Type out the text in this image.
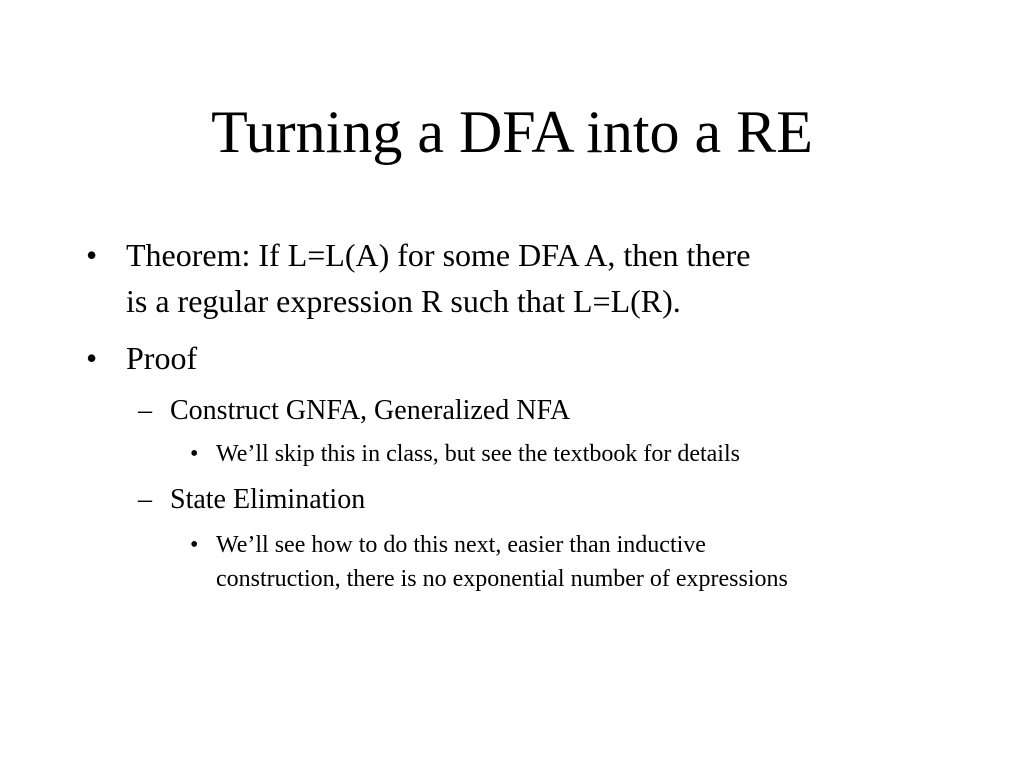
Turning a DFA into a RE
• Theorem: If L=L(A) for some DFA A, then there
is a regular expression R such that L=L(R).
• Proof
– Construct GNFA, Generalized NFA
• We’ll skip this in class, but see the textbook for details
– State Elimination
• We’ll see how to do this next, easier than inductive
construction, there is no exponential number of expressions
